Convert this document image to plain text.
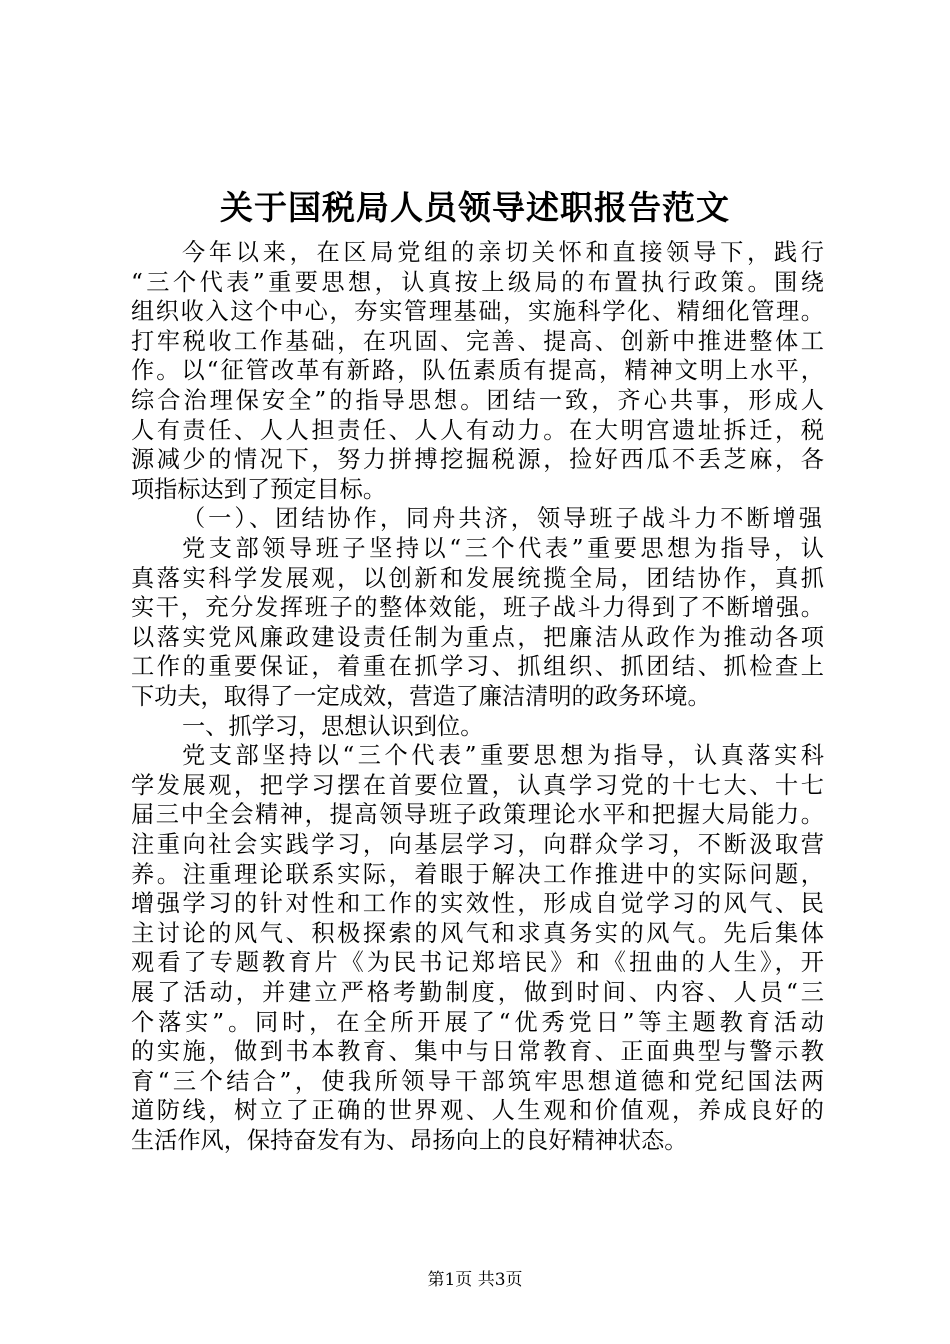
关于国税局人员领导述职报告范文
今年以来，在区局党组的亲切关怀和直接领导下，践行
“三个代表”重要思想，认真按上级局的布置执行政策。围绕
组织收入这个中心，夯实管理基础，实施科学化、精细化管理。
打牢税收工作基础，在巩固、完善、提高、创新中推进整体工
作。以“征管改革有新路，队伍素质有提高，精神文明上水平，
综合治理保安全”的指导思想。团结一致，齐心共事，形成人
人有责任、人人担责任、人人有动力。在大明宫遗址拆迁，税
源减少的情况下，努力拼搏挖掘税源，捡好西瓜不丢芝麻，各
项指标达到了预定目标。
（一）、团结协作，同舟共济，领导班子战斗力不断增强
党支部领导班子坚持以“三个代表”重要思想为指导，认
真落实科学发展观，以创新和发展统揽全局，团结协作，真抓
实干，充分发挥班子的整体效能，班子战斗力得到了不断增强。
以落实党风廉政建设责任制为重点，把廉洁从政作为推动各项
工作的重要保证，着重在抓学习、抓组织、抓团结、抓检查上
下功夫，取得了一定成效，营造了廉洁清明的政务环境。
一、抓学习，思想认识到位。
党支部坚持以“三个代表”重要思想为指导，认真落实科
学发展观，把学习摆在首要位置，认真学习党的十七大、十七
届三中全会精神，提高领导班子政策理论水平和把握大局能力。
注重向社会实践学习，向基层学习，向群众学习，不断汲取营
养。注重理论联系实际，着眼于解决工作推进中的实际问题，
增强学习的针对性和工作的实效性，形成自觉学习的风气、民
主讨论的风气、积极探索的风气和求真务实的风气。先后集体
观看了专题教育片《为民书记郑培民》和《扭曲的人生》，开
展了活动，并建立严格考勤制度，做到时间、内容、人员“三
个落实”。同时，在全所开展了“优秀党日”等主题教育活动
的实施，做到书本教育、集中与日常教育、正面典型与警示教
育“三个结合”，使我所领导干部筑牢思想道德和党纪国法两
道防线，树立了正确的世界观、人生观和价值观，养成良好的
生活作风，保持奋发有为、昂扬向上的良好精神状态。
第1页 共3页
